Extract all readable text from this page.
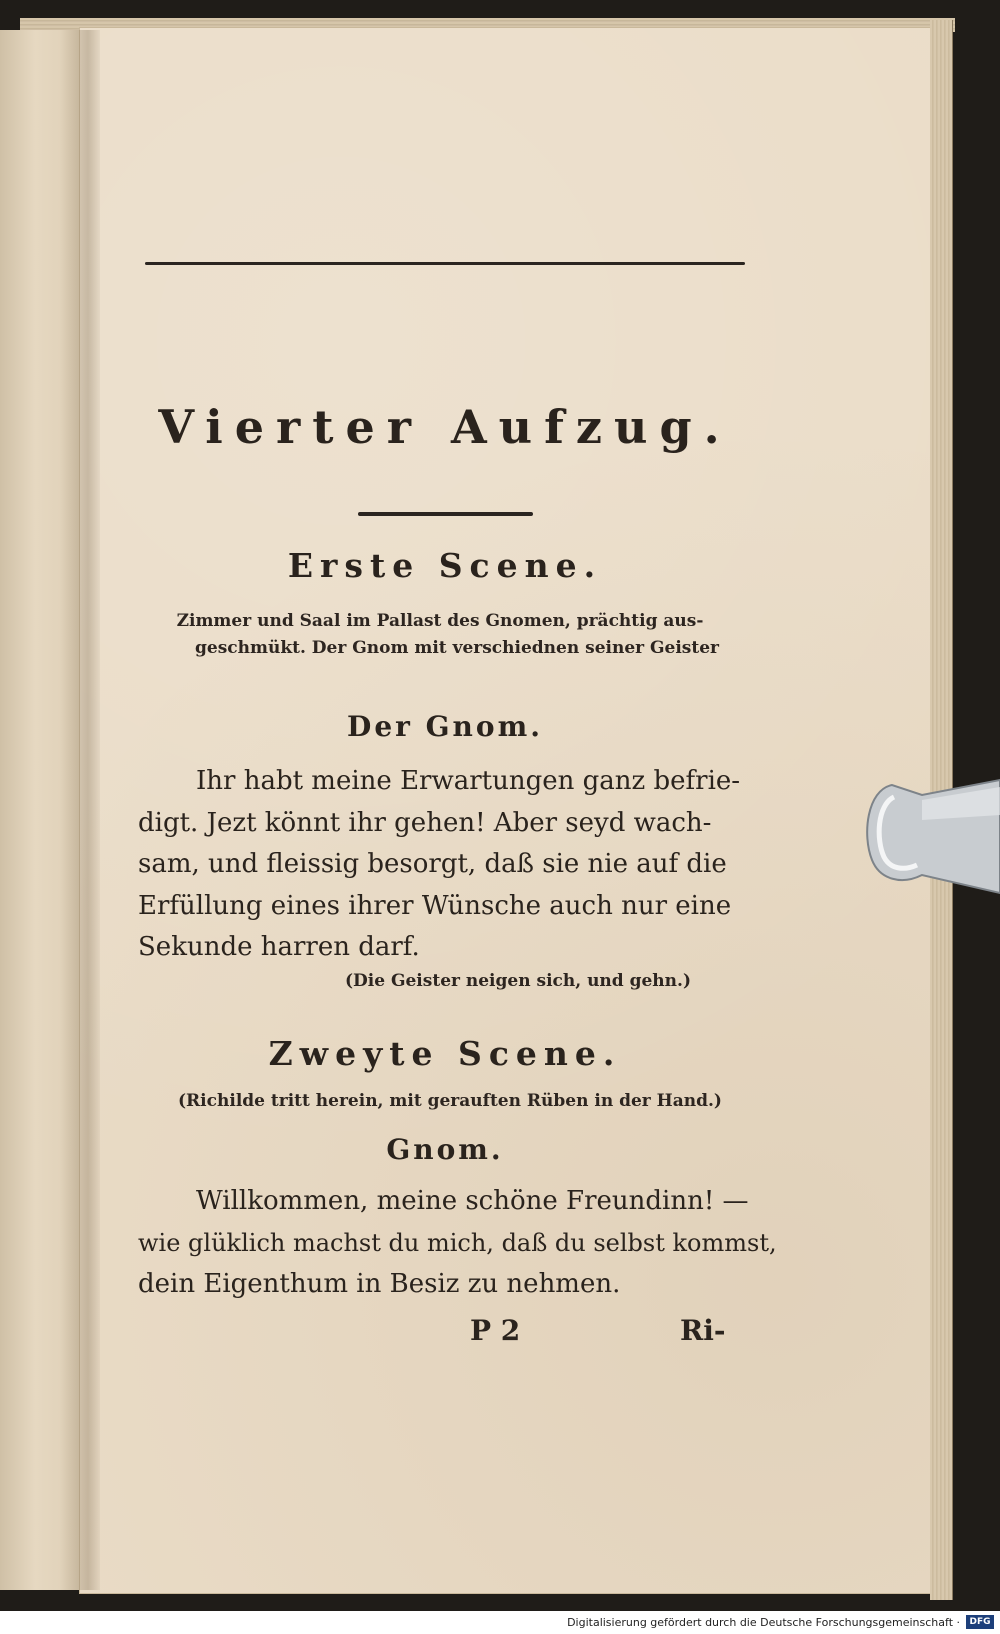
Vierter Aufzug.
Erste Scene.
Zimmer und Saal im Pallast des Gnomen, prächtig aus-
geschmükt. Der Gnom mit verschiednen seiner Geister
Der Gnom.
Ihr habt meine Erwartungen ganz befrie-
digt. Jezt könnt ihr gehen! Aber seyd wach-
sam, und fleissig besorgt, daß sie nie auf die
Erfüllung eines ihrer Wünsche auch nur eine
Sekunde harren darf.
(Die Geister neigen sich, und gehn.)
Zweyte Scene.
(Richilde tritt herein, mit gerauften Rüben in der Hand.)
Gnom.
Willkommen, meine schöne Freundinn! —
wie glüklich machst du mich, daß du selbst kommst,
dein Eigenthum in Besiz zu nehmen.
P 2	Ri-
Digitalisierung gefördert durch die Deutsche Forschungsgemeinschaft ·	DFG
